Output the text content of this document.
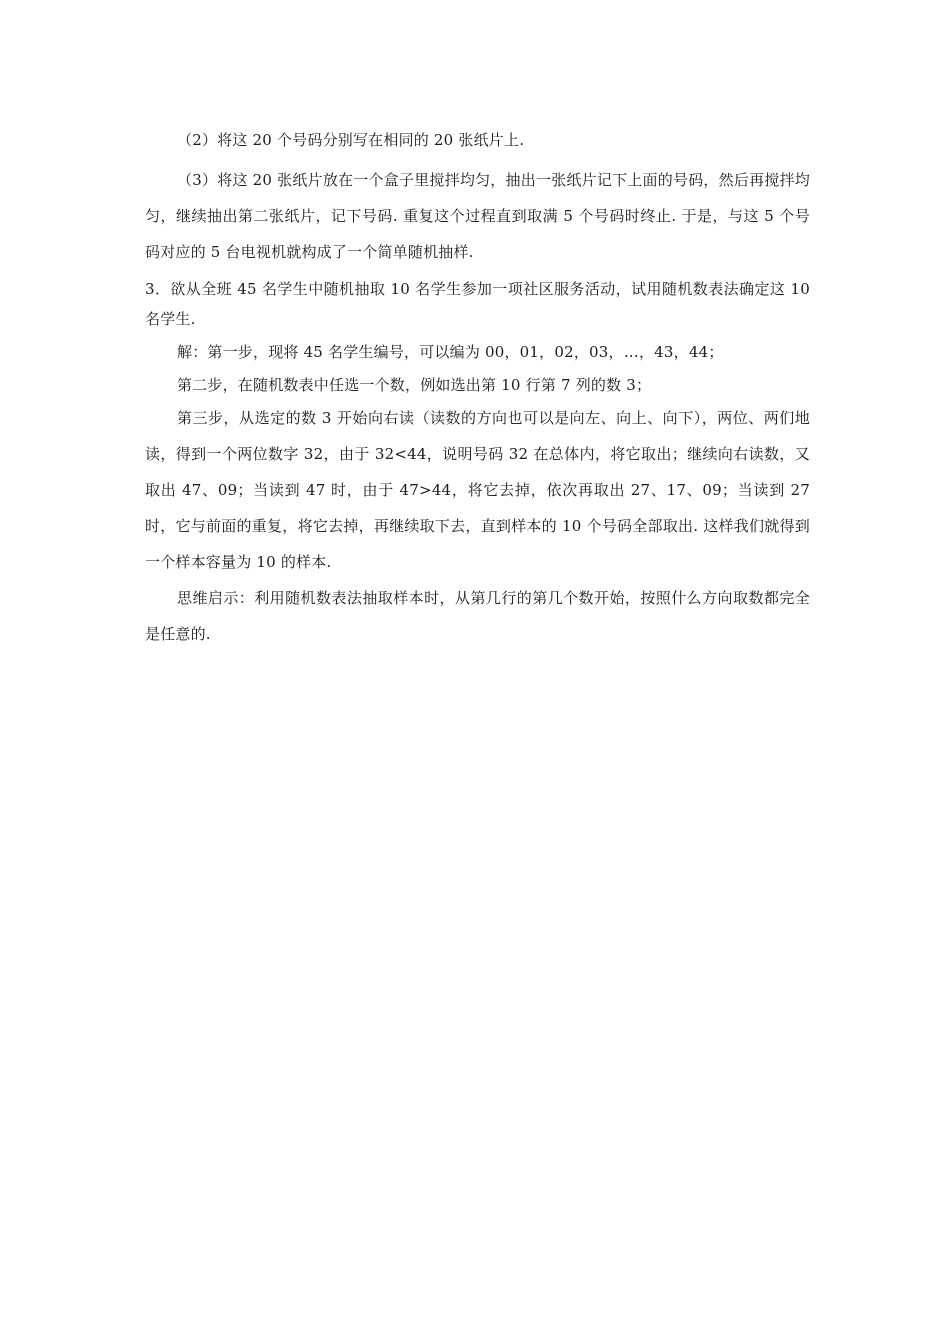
（2）将这 20 个号码分别写在相同的 20 张纸片上.

（3）将这 20 张纸片放在一个盒子里搅拌均匀，抽出一张纸片记下上面的号码，然后再搅拌均匀，继续抽出第二张纸片，记下号码. 重复这个过程直到取满 5 个号码时终止. 于是，与这 5 个号码对应的 5 台电视机就构成了一个简单随机抽样.

3．欲从全班 45 名学生中随机抽取 10 名学生参加一项社区服务活动，试用随机数表法确定这 10 名学生.

解：第一步，现将 45 名学生编号，可以编为 00，01，02，03，…，43，44；

第二步，在随机数表中任选一个数，例如选出第 10 行第 7 列的数 3；

第三步，从选定的数 3 开始向右读（读数的方向也可以是向左、向上、向下），两位、两们地读，得到一个两位数字 32，由于 32<44，说明号码 32 在总体内，将它取出；继续向右读数，又取出 47、09；当读到 47 时，由于 47>44，将它去掉，依次再取出 27、17、09；当读到 27 时，它与前面的重复，将它去掉，再继续取下去，直到样本的 10 个号码全部取出. 这样我们就得到一个样本容量为 10 的样本.

思维启示：利用随机数表法抽取样本时，从第几行的第几个数开始，按照什么方向取数都完全是任意的.
